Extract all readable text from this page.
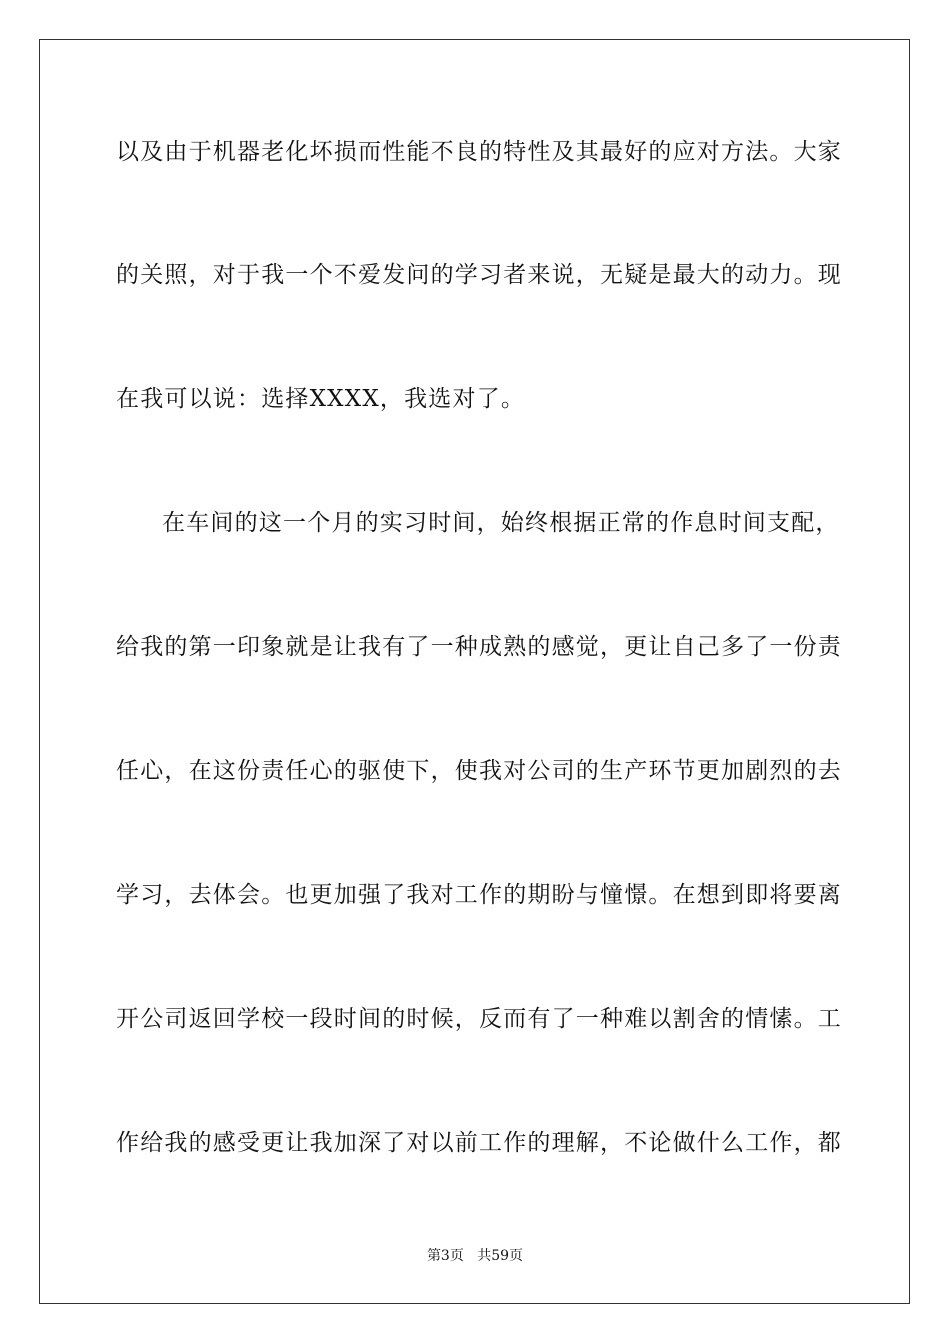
以及由于机器老化坏损而性能不良的特性及其最好的应对方法。大家
的关照，对于我一个不爱发问的学习者来说，无疑是最大的动力。现
在我可以说：选择XXXX，我选对了。
在车间的这一个月的实习时间，始终根据正常的作息时间支配，
给我的第一印象就是让我有了一种成熟的感觉，更让自己多了一份责
任心，在这份责任心的驱使下，使我对公司的生产环节更加剧烈的去
学习，去体会。也更加强了我对工作的期盼与憧憬。在想到即将要离
开公司返回学校一段时间的时候，反而有了一种难以割舍的情愫。工
作给我的感受更让我加深了对以前工作的理解，不论做什么工作，都
第3页 共59页
